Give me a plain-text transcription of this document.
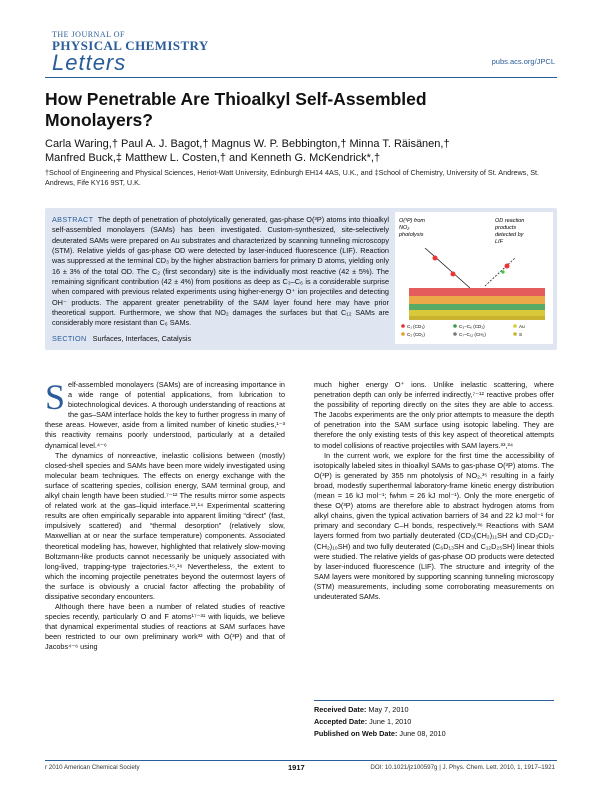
THE JOURNAL OF
PHYSICAL CHEMISTRY
Letters	pubs.acs.org/JPCL
How Penetrable Are Thioalkyl Self-Assembled Monolayers?
Carla Waring,† Paul A. J. Bagot,† Magnus W. P. Bebbington,† Minna T. Räisänen,†
Manfred Buck,‡ Matthew L. Costen,† and Kenneth G. McKendrick*,†
†School of Engineering and Physical Sciences, Heriot-Watt University, Edinburgh EH14 4AS, U.K., and ‡School of Chemistry, University of St. Andrews, St. Andrews, Fife KY16 9ST, U.K.
ABSTRACT The depth of penetration of photolytically generated, gas-phase O(³P) atoms into thioalkyl self-assembled monolayers (SAMs) has been investigated. Custom-synthesized, site-selectively deuterated SAMs were prepared on Au substrates and characterized by scanning tunneling microscopy (STM). Relative yields of gas-phase OD were detected by laser-induced fluorescence (LIF). Reaction was suppressed at the terminal CD₃ by the higher abstraction barriers for primary D atoms, yielding only 16 ± 3% of the total OD. The C₂ (first secondary) site is the individually most reactive (42 ± 5%). The remaining significant contribution (42 ± 4%) from positions as deep as C₃–C₆ is a considerable surprise when compared with previous related experiments using higher-energy O⁺ ion projectiles and detecting OH⁻ products. The apparent greater penetrability of the SAM layer found here may have prior theoretical support. Furthermore, we show that NO₂ damages the surfaces but that C₁₂ SAMs are considerably more resistant than C₆ SAMs.
SECTION Surfaces, Interfaces, Catalysis
O(³P) from NO₂ photolysis
OD reaction products detected by LIF
C₁ (CD₃)
C₂ (CD₂)
C₃–C₆ (CD₂)
C₇–C₁₂ (CH₂)
Au
S

Self-assembled monolayers (SAMs) are of increasing importance in a wide range of potential applications, from lubrication to biotechnological devices. A thorough understanding of reactions at the gas–SAM interface holds the key to further progress in many of these areas. However, aside from a limited number of kinetic studies,¹⁻³ this reactivity remains poorly understood, particularly at a detailed dynamical level.⁴⁻⁶

The dynamics of nonreactive, inelastic collisions between (mostly) closed-shell species and SAMs have been more widely investigated using molecular beam techniques. The effects on energy exchange with the surface of scattering species, collision energy, SAM terminal group, and alkyl chain length have been studied.⁷⁻¹² The results mirror some aspects of related work at the gas–liquid interface.¹³,¹⁴ Experimental scattering results are often empirically separable into apparent limiting “direct” (fast, impulsively scattered) and “thermal desorption” (relatively slow, Maxwellian at or near the surface temperature) components. Associated theoretical modeling has, however, highlighted that relatively slow-moving Boltzmann-like products cannot necessarily be uniquely associated with long-lived, trapping-type trajectories.¹⁵,¹⁶ Nevertheless, the extent to which the incoming projectile penetrates beyond the outermost layers of the surface is obviously a crucial factor affecting the probability of dissipative secondary encounters.

Although there have been a number of related studies of reactive species recently, particularly O and F atoms¹⁷⁻³¹ with liquids, we believe that dynamical experimental studies of reactions at SAM surfaces have been restricted to our own preliminary work³² with O(³P) and that of Jacobs⁴⁻⁶ using

much higher energy O⁺ ions. Unlike inelastic scattering, where penetration depth can only be inferred indirectly,⁷⁻¹² reactive probes offer the possibility of reporting directly on the sites they are able to access. The Jacobs experiments are the only prior attempts to measure the depth of penetration into the SAM surface using isotopic labeling. They are therefore the only existing tests of this key aspect of theoretical attempts to model collisions of reactive projectiles with SAM layers.³³,³⁴

In the current work, we explore for the first time the accessibility of isotopically labeled sites in thioalkyl SAMs to gas-phase O(³P) atoms. The O(³P) is generated by 355 nm photolysis of NO₂,³⁵ resulting in a fairly broad, modestly superthermal laboratory-frame kinetic energy distribution (mean = 16 kJ mol⁻¹; fwhm = 26 kJ mol⁻¹). Only the more energetic of these O(³P) atoms are therefore able to abstract hydrogen atoms from alkyl chains, given the typical activation barriers of 34 and 22 kJ mol⁻¹ for primary and secondary C–H bonds, respectively.³⁶ Reactions with SAM layers formed from two partially deuterated (CD₃(CH₂)₁₁SH and CD₃CD₂-(CH₂)₁₀SH) and two fully deuterated (C₆D₁₃SH and C₁₂D₂₅SH) linear thiols were studied. The relative yields of gas-phase OD products were detected by laser-induced fluorescence (LIF). The structure and integrity of the SAM layers were monitored by supporting scanning tunneling microscopy (STM) measurements, including some corroborating measurements on undeuterated SAMs.

Received Date: May 7, 2010
Accepted Date: June 1, 2010
Published on Web Date: June 08, 2010
r 2010 American Chemical Society	1917	DOI: 10.1021/jz100597g | J. Phys. Chem. Lett. 2010, 1, 1917–1921
